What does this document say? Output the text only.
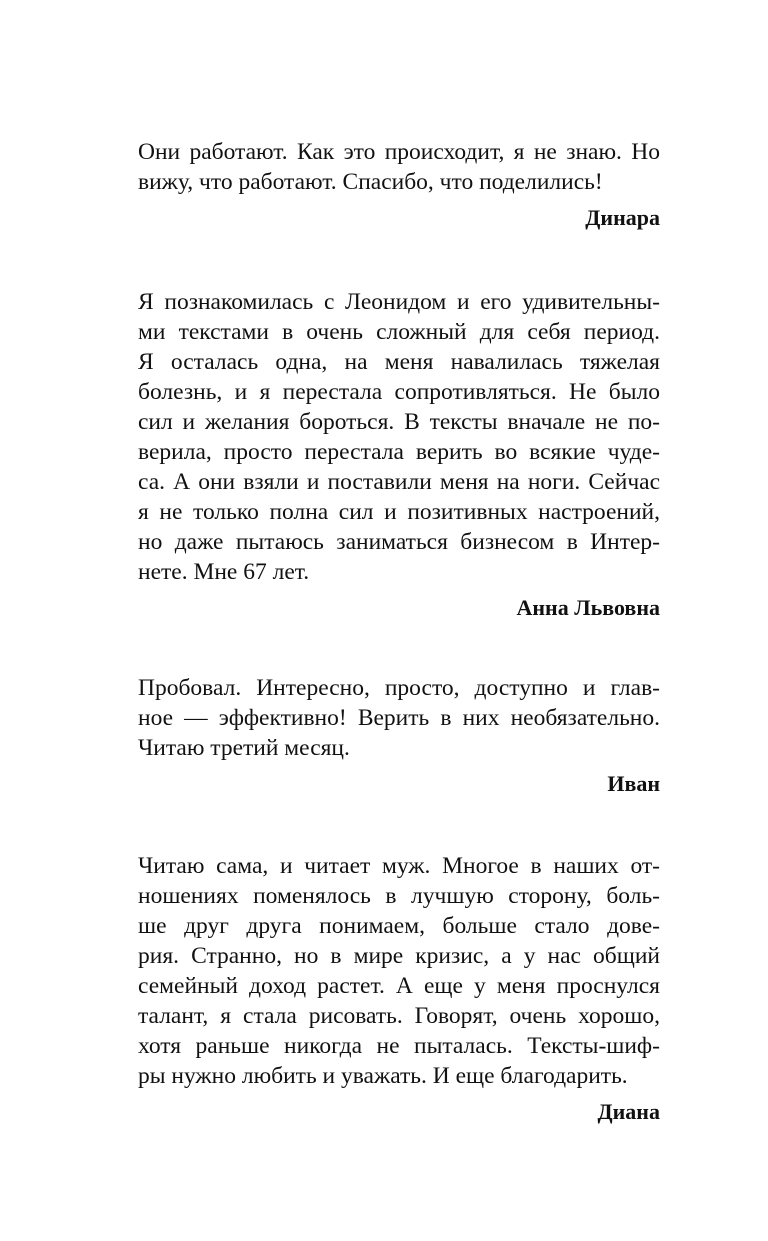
Они работают. Как это происходит, я не знаю. Но
вижу, что работают. Спасибо, что поделились!

Динара

Я познакомилась с Леонидом и его удивительны-
ми текстами в очень сложный для себя период.
Я осталась одна, на меня навалилась тяжелая
болезнь, и я перестала сопротивляться. Не было
сил и желания бороться. В тексты вначале не по-
верила, просто перестала верить во всякие чуде-
са. А они взяли и поставили меня на ноги. Сейчас
я не только полна сил и позитивных настроений,
но даже пытаюсь заниматься бизнесом в Интер-
нете. Мне 67 лет.

Анна Львовна

Пробовал. Интересно, просто, доступно и глав-
ное — эффективно! Верить в них необязательно.
Читаю третий месяц.

Иван

Читаю сама, и читает муж. Многое в наших от-
ношениях поменялось в лучшую сторону, боль-
ше друг друга понимаем, больше стало дове-
рия. Странно, но в мире кризис, а у нас общий
семейный доход растет. А еще у меня проснулся
талант, я стала рисовать. Говорят, очень хорошо,
хотя раньше никогда не пыталась. Тексты-шиф-
ры нужно любить и уважать. И еще благодарить.

Диана
